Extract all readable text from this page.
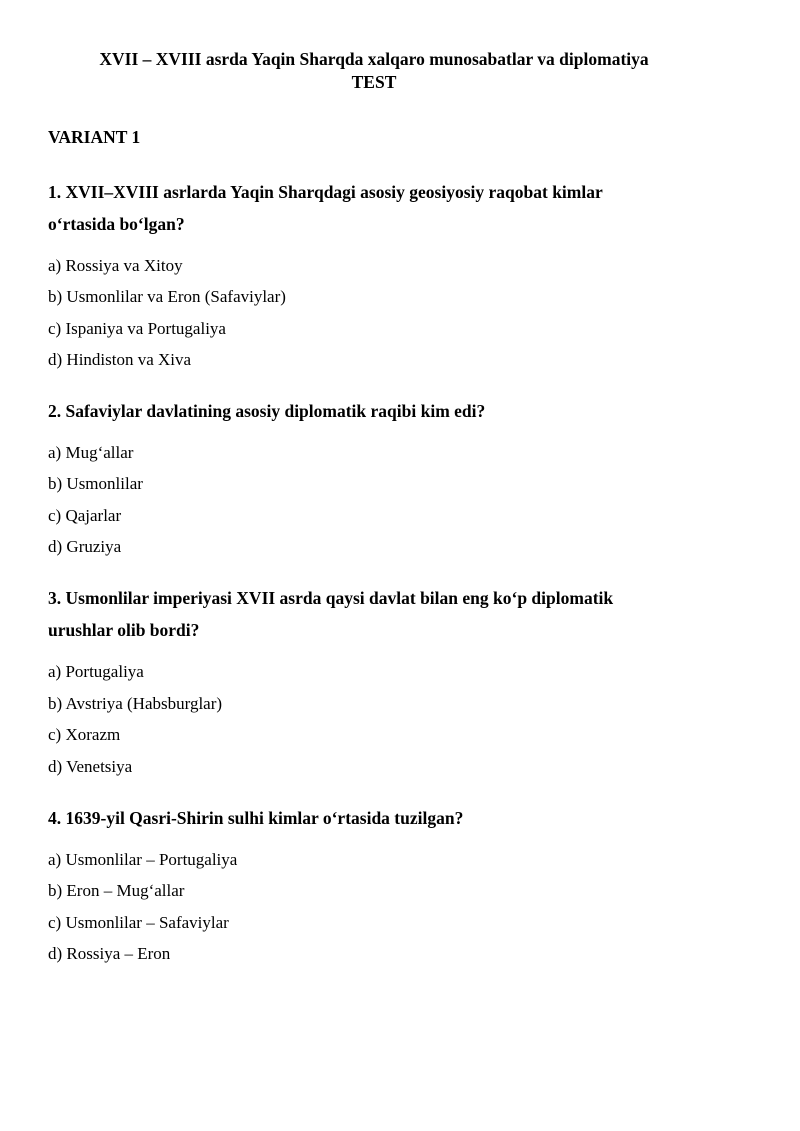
XVII – XVIII asrda Yaqin Sharqda xalqaro munosabatlar va diplomatiya
TEST

VARIANT 1

1. XVII–XVIII asrlarda Yaqin Sharqdagi asosiy geosiyosiy raqobat kimlar o‘rtasida bo‘lgan?

a) Rossiya va Xitoy
b) Usmonlilar va Eron (Safaviylar)
c) Ispaniya va Portugaliya
d) Hindiston va Xiva

2. Safaviylar davlatining asosiy diplomatik raqibi kim edi?

a) Mug‘allar
b) Usmonlilar
c) Qajarlar
d) Gruziya

3. Usmonlilar imperiyasi XVII asrda qaysi davlat bilan eng ko‘p diplomatik urushlar olib bordi?

a) Portugaliya
b) Avstriya (Habsburglar)
c) Xorazm
d) Venetsiya

4. 1639-yil Qasri-Shirin sulhi kimlar o‘rtasida tuzilgan?

a) Usmonlilar – Portugaliya
b) Eron – Mug‘allar
c) Usmonlilar – Safaviylar
d) Rossiya – Eron
